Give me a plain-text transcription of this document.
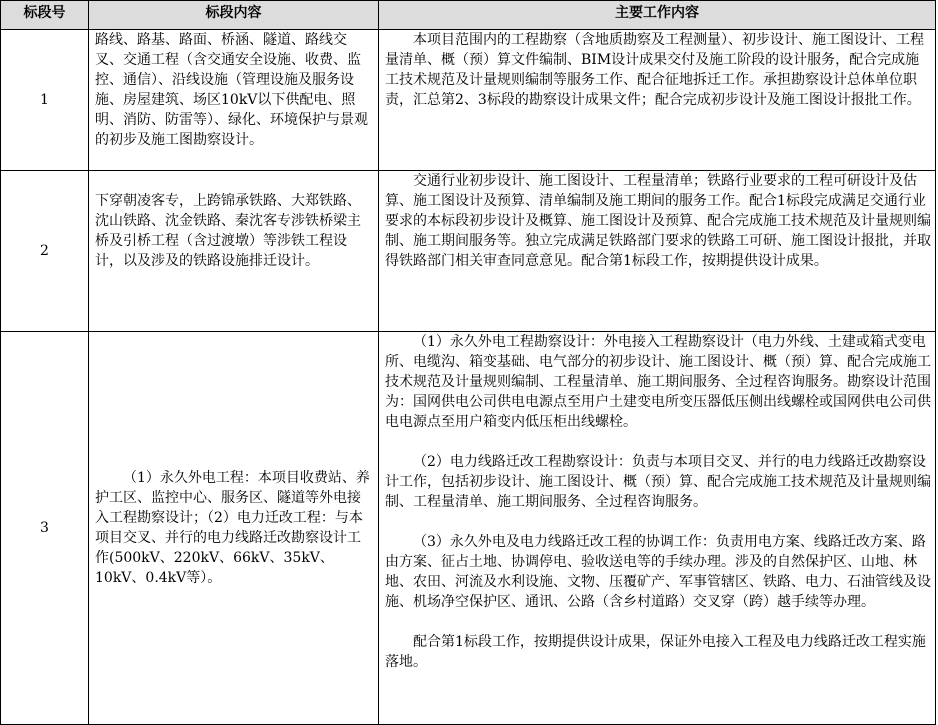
标段号	标段内容	主要工作内容
1	路线、路基、路面、桥涵、隧道、路线交叉、交通工程（含交通安全设施、收费、监控、通信）、沿线设施（管理设施及服务设施、房屋建筑、场区10kV以下供配电、照明、消防、防雷等）、绿化、环境保护与景观的初步及施工图勘察设计。	本项目范围内的工程勘察（含地质勘察及工程测量）、初步设计、施工图设计、工程量清单、概（预）算文件编制、BIM设计成果交付及施工阶段的设计服务，配合完成施工技术规范及计量规则编制等服务工作、配合征地拆迁工作。承担勘察设计总体单位职责，汇总第2、3标段的勘察设计成果文件；配合完成初步设计及施工图设计报批工作。

2	下穿朝凌客专，上跨锦承铁路、大郑铁路、沈山铁路、沈金铁路、秦沈客专涉铁桥梁主桥及引桥工程（含过渡墩）等涉铁工程设计，以及涉及的铁路设施排迁设计。	交通行业初步设计、施工图设计、工程量清单；铁路行业要求的工程可研设计及估算、施工图设计及预算、清单编制及施工期间的服务工作。配合1标段完成满足交通行业要求的本标段初步设计及概算、施工图设计及预算、配合完成施工技术规范及计量规则编制、施工期间服务等。独立完成满足铁路部门要求的铁路工可研、施工图设计报批，并取得铁路部门相关审查同意意见。配合第1标段工作，按期提供设计成果。

3	（1）永久外电工程：本项目收费站、养护工区、监控中心、服务区、隧道等外电接入工程勘察设计；（2）电力迁改工程：与本项目交叉、并行的电力线路迁改勘察设计工作(500kV、220kV、66kV、35kV、10kV、0.4kV等）。	（1）永久外电工程勘察设计：外电接入工程勘察设计（电力外线、土建或箱式变电所、电缆沟、箱变基础、电气部分的初步设计、施工图设计、概（预）算、配合完成施工技术规范及计量规则编制、工程量清单、施工期间服务、全过程咨询服务。勘察设计范围为：国网供电公司供电电源点至用户土建变电所变压器低压侧出线螺栓或国网供电公司供电电源点至用户箱变内低压柜出线螺栓。

（2）电力线路迁改工程勘察设计：负责与本项目交叉、并行的电力线路迁改勘察设计工作，包括初步设计、施工图设计、概（预）算、配合完成施工技术规范及计量规则编制、工程量清单、施工期间服务、全过程咨询服务。

（3）永久外电及电力线路迁改工程的协调工作：负责用电方案、线路迁改方案、路由方案、征占土地、协调停电、验收送电等的手续办理。涉及的自然保护区、山地、林地、农田、河流及水利设施、文物、压覆矿产、军事管辖区、铁路、电力、石油管线及设施、机场净空保护区、通讯、公路（含乡村道路）交叉穿（跨）越手续等办理。

配合第1标段工作，按期提供设计成果，保证外电接入工程及电力线路迁改工程实施落地。
